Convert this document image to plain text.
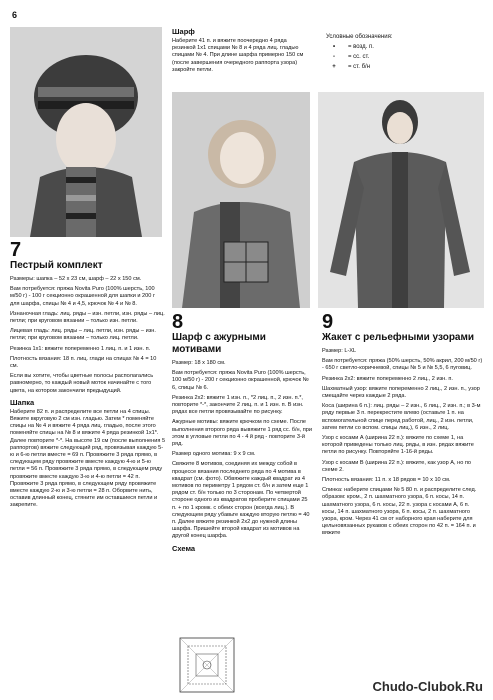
6
Условные обозначения:
•	= возд. п.
-	= сс. ст.
+	= ст. б/н
Шарф

Наберите 41 п. и вяжите поочередно 4 ряда резинкой 1х1 спицами № 8 и 4 ряда лиц. гладью спицами № 4. При длине шарфа примерно 150 см (после завершения очередного раппорта узора) закройте петли.

7
Пестрый комплект

Размеры: шапка – 52 х 23 см, шарф – 22 х 150 см.

Вам потребуется: пряжа Novita Puro (100% шерсть, 100 м/50 г) - 100 г секционно окрашенной для шапки и 200 г для шарфа, спицы № 4 и 4,5, крючок № 4 и № 8.

Изнаночная гладь: лиц. ряды – изн. петли, изн. ряды – лиц. петли; при круговом вязании – только изн. петли.

Лицевая гладь: лиц. ряды – лиц. петли, изн. ряды – изн. петли; при круговом вязании – только лиц. петли.

Резинка 1х1: вяжите попеременно 1 лиц. п. и 1 изн. п.

Плотность вязания: 18 п. лиц. глади на спицах № 4 = 10 см.

Если вы хотите, чтобы цветные полосы располагались равномерно, то каждый новый моток начинайте с того цвета, на котором закончили предыдущий.

Шапка

Наберите 82 п. и распределите все петли на 4 спицы. Вяжите вкруговую 2 см изн. гладью. Затем * поменяйте спицы на № 4 и вяжите 4 ряда лиц. гладью, после этого поменяйте спицы на № 8 и вяжите 4 ряда резинкой 1х1*. Далее повторите *-*. На высоте 19 см (после выполнения 5 раппортов) вяжите следующий ряд, провязывая каждую 5-ю и 6-ю петли вместе = 69 п. Провяжите 3 ряда прямо, в следующем ряду провяжите вместе каждую 4-ю и 5-ю петли = 56 п. Провяжите 3 ряда прямо, в следующем ряду провяжите вместе каждую 3-ю и 4-ю петли = 42 п. Провяжите 3 ряда прямо, в следующем ряду провяжите вместе каждую 2-ю и 3-ю петли = 28 п. Оборвите нить, оставив длинный конец, стяните им оставшиеся петли и закрепите.

8
Шарф с ажурными мотивами

Размер: 18 х 180 см.

Вам потребуется: пряжа Novita Puro (100% шерсть, 100 м/50 г) - 200 г секционно окрашенной, крючок № 6, спицы № 6.

Резинка 2х2: вяжите 1 изн. п., *2 лиц. п., 2 изн. п.*, повторите *-*, закончите 2 лиц. п. и 1 изн. п. В изн. рядах все петли провязывайте по рисунку.

Ажурные мотивы: вяжите крючком по схеме. После выполнения второго ряда вывяжите 1 ряд сс. б/н, при этом в угловые петли по 4 - 4 й ряд - повторите 3-й ряд.

Размер одного мотива: 9 х 9 см.

Свяжите 8 мотивов, соединяя их между собой в процессе вязания последнего ряда по 4 мотива в квадрат (см. фото). Обвяжите каждый квадрат из 4 мотивов по периметру 1 рядом ст. б/н и затем еще 1 рядом ст. б/н только по 3 сторонам. По четвертой стороне одного из квадратов проберите спицами 25 п. + по 1 кромк. с обеих сторон (всегда лиц.). В следующем ряду убавьте каждую вторую петлю = 40 п. Далее вяжите резинкой 2х2 до нужной длины шарфа. Пришейте второй квадрат из мотивов на другой конец шарфа.

Схема
9
Жакет с рельефными узорами

Размер: L-XL

Вам потребуется: пряжа (50% шерсть, 50% акрил, 200 м/50 г) - 650 г светло-коричневой, спицы № 5 и № 5,5, 6 пуговиц.

Резинка 2х2: вяжите попеременно 2 лиц., 2 изн. п.

Шахматный узор: вяжите попеременно 2 лиц., 2 изн. п., узор смещайте через каждые 2 ряда.

Коса (ширина 6 п.): лиц. ряды – 2 изн., 6 лиц., 2 изн. п.; в 3-м ряду первые 3 п. перекрестите влево (оставьте 1 п. на вспомогательной спице перед работой, лиц., 2 изн. петли, затем петли со вспом. спицы лиц.), 6 изн., 2 лиц.

Узор с косами А (ширина 22 п.): вяжите по схеме 1, на которой приведены только лиц. ряды, в изн. рядах вяжите петли по рисунку. Повторяйте 1-16-й ряды.

Узор с косами В (ширина 22 п.): вяжите, как узор А, но по схеме 2.

Плотность вязания: 11 п. х 18 рядов = 10 х 10 см.

Спинка: наберите спицами № 5 80 п. и распределите след. образом: кром., 2 п. шахматного узора, 6 п. косы, 14 п. шахматного узора, 6 п. косы, 22 п. узора с косами А, 6 п. косы, 14 п. шахматного узора, 6 п. косы, 2 п. шахматного узора, кром. Через 41 см от наборного края наберите для цельновязанных рукавов с обеих сторон по 42 п. = 164 п. и вяжите

Chudo-Clubok.Ru
